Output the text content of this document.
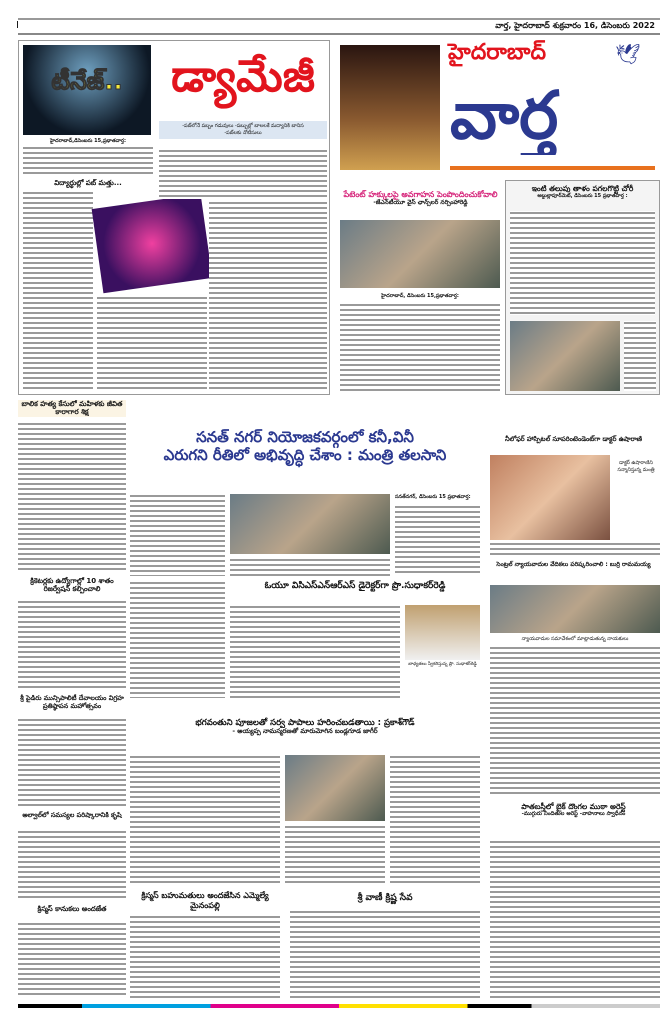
I	వార్త, హైదరాబాద్ శుక్రవారం 16, డిసెంబరు 2022
టీనేజ్..	డ్యామేజీ
హైదరాబాద్,డిసెంబరు 15,ప్రభాతవార్త:
-పబ్‌లోనే పబ్బం గడువులు -పబ్బుల్లో బాలలకే మద్యానికి బానిస
-పబ్‌లకు నోటీసులు
విద్యార్థుల్లో పబ్ మత్తు...
హైదరాబాద్	🕊
వార్త
పేటెంట్ హక్కులపై అవగాహన పెంపొందించుకోవాలి
-జేఎన్‌టీయూ వైస్ ఛాన్స్‌లర్ నర్సింహారెడ్డి
హైదరాబాద్, డిసెంబరు 15,ప్రభాతవార్త:
ఇంటి తలుపు తాళం పగలగొట్టి చోరీ
అబ్దుల్లాపూర్‌మెట్, డిసెంబరు 15 ప్రభాతవార్త :
బాలిక హత్య కేసులో మహిళకు జీవిత కారాగార శిక్ష
క్రికెటర్లకు ఉద్యోగాల్లో 10 శాతం రిజర్వేషన్ కల్పించాలి
శ్రీ పైడిరు మున్సిపాలిటీ దేవాలయం విగ్రహ ప్రతిష్ఠాపన మహోత్సవం
అల్వాల్‌లో సమస్యల పరిష్కారానికి కృషి
క్రిస్మస్ కానుకలు అందజేత
సనత్ నగర్ నియోజకవర్గంలో కనీ,వినీ
ఎరుగని రీతిలో అభివృద్ధి చేశాం : మంత్రి తలసాని
సనత్‌నగర్, డిసెంబరు 15 ప్రభాతవార్త:
ఓయూ విసిఎస్ఎన్ఆర్ఎస్ డైరెక్టర్‌గా ప్రొ.సుధాకర్‌రెడ్డి
బాధ్యతలు స్వీకరిస్తున్న ప్రొ. సుధాకర్‌రెడ్డి
భగవంతుని పూజలతో సర్వ పాపాలు హరించబడతాయి : ప్రకాశ్‌గౌడ్
- అయ్యప్ప నామస్మరణతో మారుమోగిన బండ్లగూడ జాగీర్
క్రిస్మస్ బహుమతులు అందజేసిన ఎమ్మెల్యే మైనంపల్లి
శ్రీ వాణీ క్రిష్ణ సేవ
నీలోఫర్ హాస్పిటల్ సూపరింటెండెంట్‌గా డాక్టర్ ఉషారాణి
డాక్టర్ ఉషారాణిని సన్మానిస్తున్న మంత్రి
సెంట్రల్ న్యాయవాదుల వేదికలు పరిష్కరించాలి : బుర్రి రామమయ్య
న్యాయవాదుల సమావేశంలో మాట్లాడుతున్న నాయకులు
పాతబస్తీలో బైక్ దొంగల ముఠా అరెస్ట్
-ముగ్గురు నిందితుల అరెస్ట్ -వాహనాలు స్వాధీనం
